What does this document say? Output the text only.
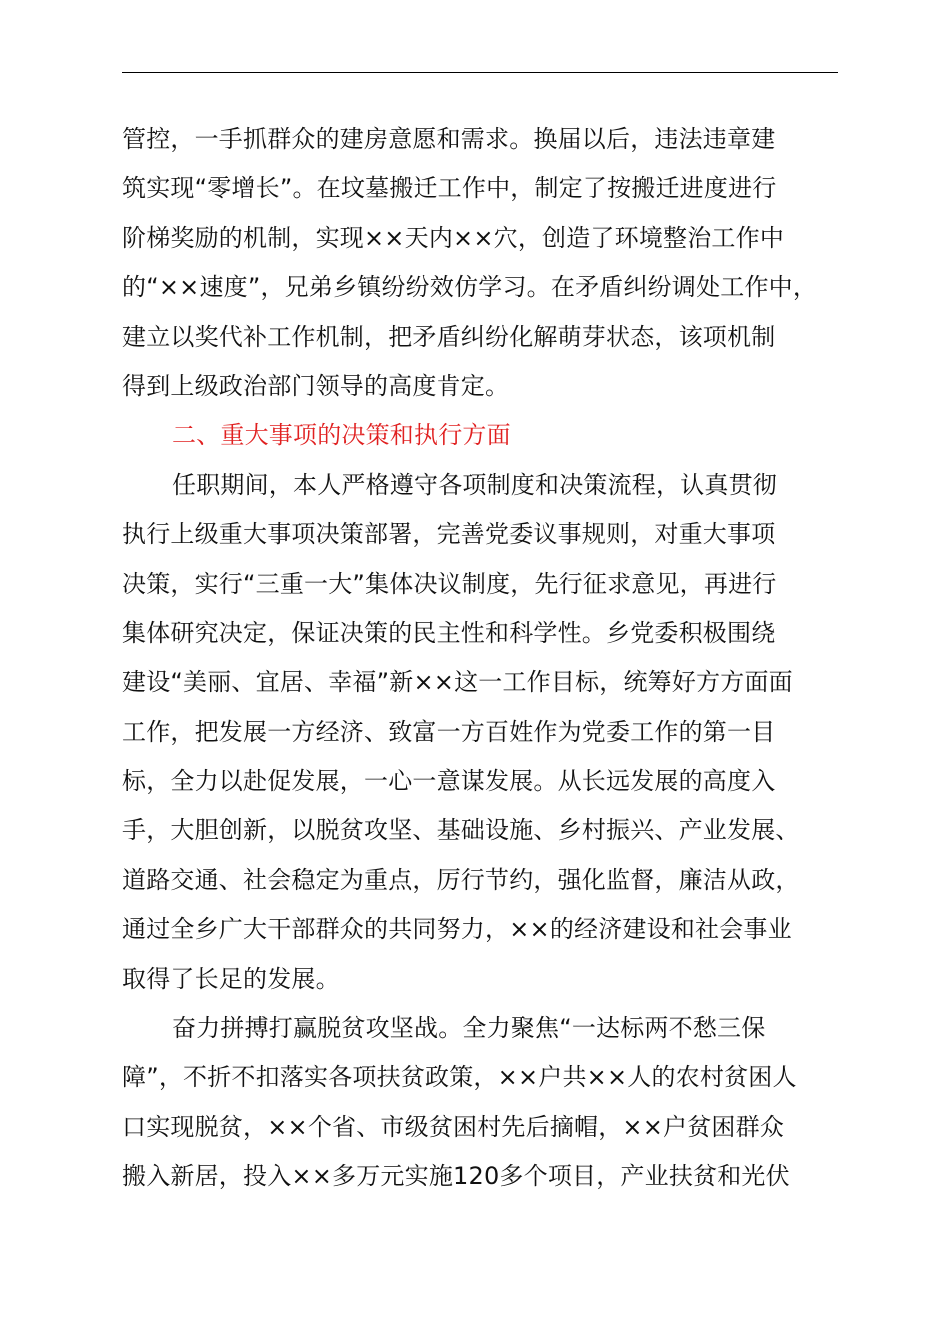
管控，一手抓群众的建房意愿和需求。换届以后，违法违章建
筑实现“零增长”。在坟墓搬迁工作中，制定了按搬迁进度进行
阶梯奖励的机制，实现××天内××穴，创造了环境整治工作中
的“××速度”，兄弟乡镇纷纷效仿学习。在矛盾纠纷调处工作中，
建立以奖代补工作机制，把矛盾纠纷化解萌芽状态，该项机制
得到上级政治部门领导的高度肯定。
二、重大事项的决策和执行方面
任职期间，本人严格遵守各项制度和决策流程，认真贯彻
执行上级重大事项决策部署，完善党委议事规则，对重大事项
决策，实行“三重一大”集体决议制度，先行征求意见，再进行
集体研究决定，保证决策的民主性和科学性。乡党委积极围绕
建设“美丽、宜居、幸福”新××这一工作目标，统筹好方方面面
工作，把发展一方经济、致富一方百姓作为党委工作的第一目
标，全力以赴促发展，一心一意谋发展。从长远发展的高度入
手，大胆创新，以脱贫攻坚、基础设施、乡村振兴、产业发展、
道路交通、社会稳定为重点，厉行节约，强化监督，廉洁从政，
通过全乡广大干部群众的共同努力，××的经济建设和社会事业
取得了长足的发展。
奋力拼搏打赢脱贫攻坚战。全力聚焦“一达标两不愁三保
障”，不折不扣落实各项扶贫政策，××户共××人的农村贫困人
口实现脱贫，××个省、市级贫困村先后摘帽，××户贫困群众
搬入新居，投入××多万元实施120多个项目，产业扶贫和光伏
